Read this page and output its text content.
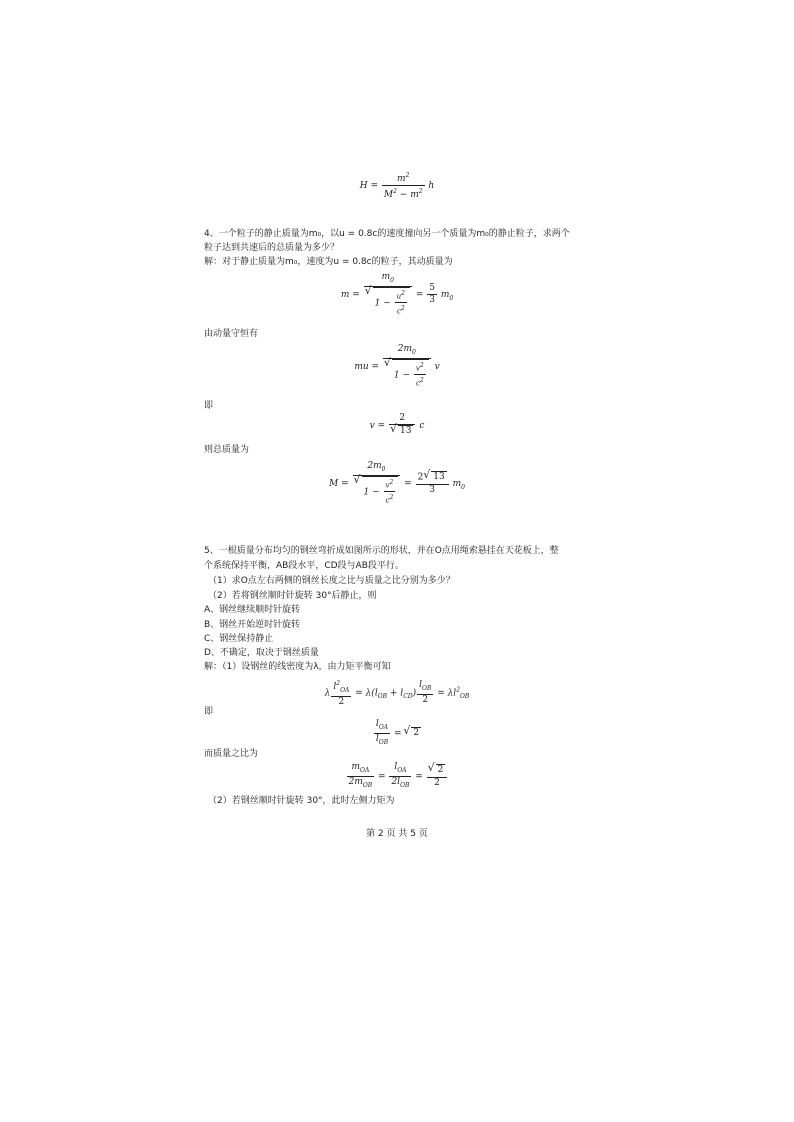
$H = \frac{m^2}{M^2 - m^2}$ h
4、一个粒子的静止质量为m₀，以u = 0.8c的速度撞向另一个质量为m₀的静止粒子，求两个
粒子达到共速后的总质量为多少？
解：对于静止质量为m₀，速度为u = 0.8c的粒子，其动质量为
$m = m_0$
√ $1 - \frac{u^2}{c^2} = \frac{5}{3} m_0$
由动量守恒有
mu = $2m_0$
√ $1 - \frac{v^2}{c^2}$ v
即
v = 2
√ 13 c
则总质量为
$M = 2m_0$
√ $1 - \frac{v^2}{c^2} = \frac{2 √ 13}{3} m_0$
5、一根质量分布均匀的钢丝弯折成如图所示的形状，并在O点用绳索悬挂在天花板上，整
个系统保持平衡，AB段水平，CD段与AB段平行。
（1）求O点左右两侧的钢丝长度之比与质量之比分别为多少？
（2）若将钢丝顺时针旋转 30°后静止，则
A、钢丝继续顺时针旋转
B、钢丝开始逆时针旋转
C、钢丝保持静止
D、不确定，取决于钢丝质量
解：（1）设钢丝的线密度为λ，由力矩平衡可知
λ $\frac{l^2_{OA}}{2} = \lambda(l_{OB} + l_{CD}) \frac{l_{OB}}{2} = \lambda l^2_{OB}$
即
$\frac{l_{OA}}{l_{OB}}$ = √ 2
而质量之比为
$\frac{m_{OA}}{2m_{OB}} = \frac{l_{OA}}{2l_{OB}}$ = √ $\frac{2}{2}$
（2）若钢丝顺时针旋转 30°，此时左侧力矩为
第 2 页 共 5 页
